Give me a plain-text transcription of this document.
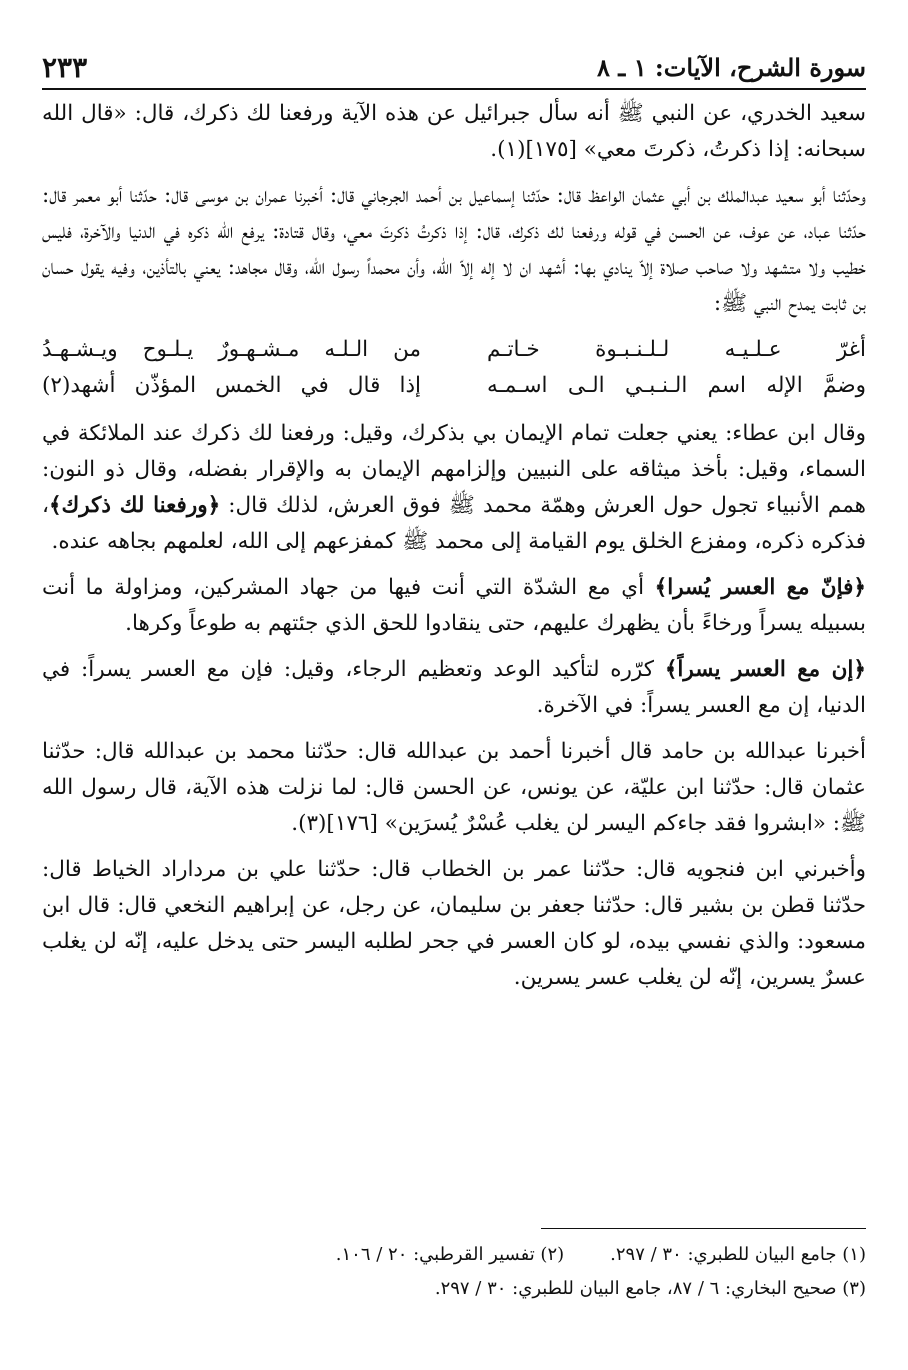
سورة الشرح، الآيات: ١ ـ ٨
٢٣٣

سعيد الخدري، عن النبي ﷺ أنه سأل جبرائيل عن هذه الآية ورفعنا لك ذكرك، قال: «قال الله سبحانه: إذا ذكرتُ، ذكرتَ معي» [١٧٥](١).

وحدّثنا أبو سعيد عبدالملك بن أبي عثمان الواعظ قال: حدّثنا إسماعيل بن أحمد الجرجاني قال: أخبرنا عمران بن موسى قال: حدّثنا أبو معمر قال: حدّثنا عباد، عن عوف، عن الحسن في قوله ورفعنا لك ذكرك، قال: إذا ذكرتُ ذكرتَ معي، وقال قتادة: يرفع الله ذكره في الدنيا والآخرة، فليس خطيب ولا متشهد ولا صاحب صلاة إلاّ ينادي بها: أشهد ان لا إله إلاّ الله، وأن محمداً رسول الله، وقال مجاهد: يعني بالتأذين، وفيه يقول حسان بن ثابت يمدح النبي ﷺ:

أغرّ عـلـيـه لـلـنـبـوة خـاتـم
من الـلـه مـشـهـورٌ يـلـوح ويـشـهـدُ
وضمَّ الإله اسم الـنـبـي الـى اسـمـه
إذا قال في الخمس المؤذّن أشهد(٢)

وقال ابن عطاء: يعني جعلت تمام الإيمان بي بذكرك، وقيل: ورفعنا لك ذكرك عند الملائكة في السماء، وقيل: بأخذ ميثاقه على النبيين وإلزامهم الإيمان به والإقرار بفضله، وقال ذو النون: همم الأنبياء تجول حول العرش وهمّة محمد ﷺ فوق العرش، لذلك قال: ﴿ورفعنا لك ذكرك﴾، فذكره ذكره، ومفزع الخلق يوم القيامة إلى محمد ﷺ كمفزعهم إلى الله، لعلمهم بجاهه عنده.

﴿فإنّ مع العسر يُسرا﴾ أي مع الشدّة التي أنت فيها من جهاد المشركين، ومزاولة ما أنت بسبيله يسراً ورخاءً بأن يظهرك عليهم، حتى ينقادوا للحق الذي جئتهم به طوعاً وكرها.

﴿إن مع العسر يسراً﴾ كرّره لتأكيد الوعد وتعظيم الرجاء، وقيل: فإن مع العسر يسراً: في الدنيا، إن مع العسر يسراً: في الآخرة.

أخبرنا عبدالله بن حامد قال أخبرنا أحمد بن عبدالله قال: حدّثنا محمد بن عبدالله قال: حدّثنا عثمان قال: حدّثنا ابن عليّة، عن يونس، عن الحسن قال: لما نزلت هذه الآية، قال رسول الله ﷺ: «ابشروا فقد جاءكم اليسر لن يغلب عُسْرٌ يُسرَين» [١٧٦](٣).

وأخبرني ابن فنجويه قال: حدّثنا عمر بن الخطاب قال: حدّثنا علي بن مرداراد الخياط قال: حدّثنا قطن بن بشير قال: حدّثنا جعفر بن سليمان، عن رجل، عن إبراهيم النخعي قال: قال ابن مسعود: والذي نفسي بيده، لو كان العسر في جحر لطلبه اليسر حتى يدخل عليه، إنّه لن يغلب عسرٌ يسرين، إنّه لن يغلب عسر يسرين.

(١) جامع البيان للطبري: ٣٠ / ٢٩٧.
(٢) تفسير القرطبي: ٢٠ / ١٠٦.
(٣) صحيح البخاري: ٦ / ٨٧، جامع البيان للطبري: ٣٠ / ٢٩٧.
